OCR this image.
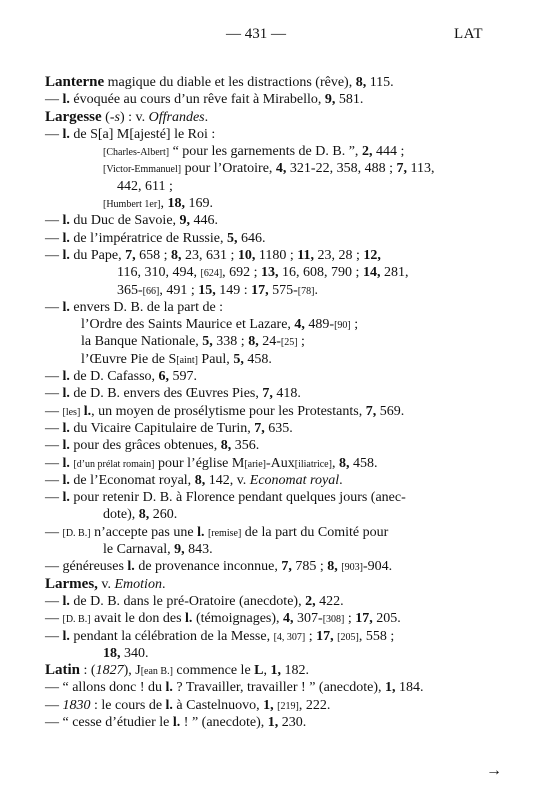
— 431 —	LAT
Lanterne magique du diable et les distractions (rêve), 8, 115.
— l. évoquée au cours d’un rêve fait à Mirabello, 9, 581.
Largesse (-s) : v. Offrandes.
— l. de S[a] M[ajesté] le Roi :
[Charles-Albert] “ pour les garnements de D. B. ”, 2, 444 ;
[Victor-Emmanuel] pour l’Oratoire, 4, 321-22, 358, 488 ; 7, 113,
442, 611 ;
[Humbert 1er], 18, 169.
— l. du Duc de Savoie, 9, 446.
— l. de l’impératrice de Russie, 5, 646.
— l. du Pape, 7, 658 ; 8, 23, 631 ; 10, 1180 ; 11, 23, 28 ; 12,
116, 310, 494, [624], 692 ; 13, 16, 608, 790 ; 14, 281,
365-[66], 491 ; 15, 149 : 17, 575-[78].
— l. envers D. B. de la part de :
l’Ordre des Saints Maurice et Lazare, 4, 489-[90] ;
la Banque Nationale, 5, 338 ; 8, 24-[25] ;
l’Œuvre Pie de S[aint] Paul, 5, 458.
— l. de D. Cafasso, 6, 597.
— l. de D. B. envers des Œuvres Pies, 7, 418.
— [les] l., un moyen de prosélytisme pour les Protestants, 7, 569.
— l. du Vicaire Capitulaire de Turin, 7, 635.
— l. pour des grâces obtenues, 8, 356.
— l. [d’un prélat romain] pour l’église M[arie]-Aux[iliatrice], 8, 458.
— l. de l’Economat royal, 8, 142, v. Economat royal.
— l. pour retenir D. B. à Florence pendant quelques jours (anec-
dote), 8, 260.
— [D. B.] n’accepte pas une l. [remise] de la part du Comité pour
le Carnaval, 9, 843.
— généreuses l. de provenance inconnue, 7, 785 ; 8, [903]-904.
Larmes, v. Emotion.
— l. de D. B. dans le pré-Oratoire (anecdote), 2, 422.
— [D. B.] avait le don des l. (témoignages), 4, 307-[308] ; 17, 205.
— l. pendant la célébration de la Messe, [4, 307] ; 17, [205], 558 ;
18, 340.
Latin : (1827), J[ean B.] commence le L, 1, 182.
— “ allons donc ! du l. ? Travailler, travailler ! ” (anecdote), 1, 184.
— 1830 : le cours de l. à Castelnuovo, 1, [219], 222.
— “ cesse d’étudier le l. ! ” (anecdote), 1, 230.
→
